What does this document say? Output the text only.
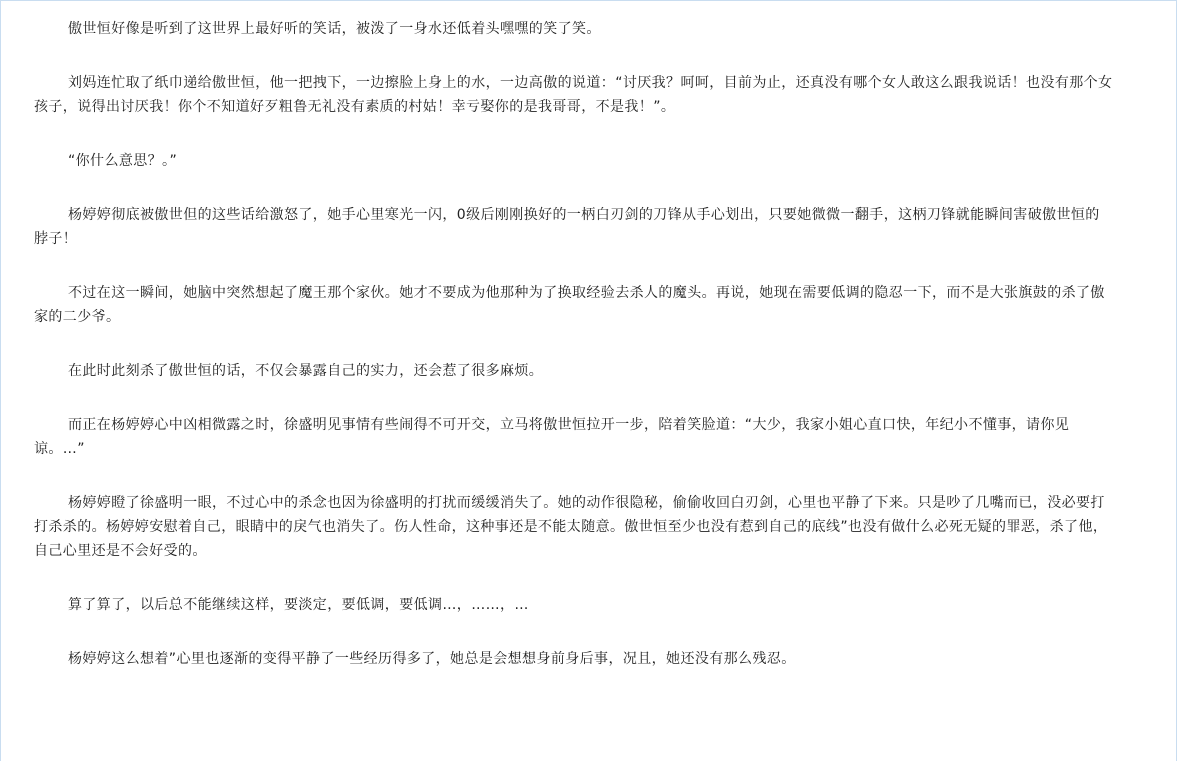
傲世恒好像是听到了这世界上最好听的笑话，被泼了一身水还低着头嘿嘿的笑了笑。

刘妈连忙取了纸巾递给傲世恒，他一把拽下，一边擦脸上身上的水，一边高傲的说道：“讨厌我？呵呵，目前为止，还真没有哪个女人敢这么跟我说话！也没有那个女孩子，说得出讨厌我！你个不知道好歹粗鲁无礼没有素质的村姑！幸亏娶你的是我哥哥，不是我！”。

“你什么意思？。”

杨婷婷彻底被傲世但的这些话给激怒了，她手心里寒光一闪，0级后刚刚换好的一柄白刃剑的刀锋从手心划出，只要她微微一翻手，这柄刀锋就能瞬间害破傲世恒的脖子！

不过在这一瞬间，她脑中突然想起了魔王那个家伙。她才不要成为他那种为了换取经验去杀人的魔头。再说，她现在需要低调的隐忍一下，而不是大张旗鼓的杀了傲家的二少爷。

在此时此刻杀了傲世恒的话，不仅会暴露自己的实力，还会惹了很多麻烦。

而正在杨婷婷心中凶相微露之时，徐盛明见事情有些闹得不可开交，立马将傲世恒拉开一步，陪着笑脸道：“大少，我家小姐心直口快，年纪小不懂事，请你见谅。…”

杨婷婷瞪了徐盛明一眼，不过心中的杀念也因为徐盛明的打扰而缓缓消失了。她的动作很隐秘，偷偷收回白刃剑，心里也平静了下来。只是吵了几嘴而已，没必要打打杀杀的。杨婷婷安慰着自己，眼睛中的戾气也消失了。伤人性命，这种事还是不能太随意。傲世恒至少也没有惹到自己的底线”也没有做什么必死无疑的罪恶，杀了他，自己心里还是不会好受的。

算了算了，以后总不能继续这样，要淡定，要低调，要低调…，……，…

杨婷婷这么想着”心里也逐渐的变得平静了一些经历得多了，她总是会想想身前身后事，况且，她还没有那么残忍。
